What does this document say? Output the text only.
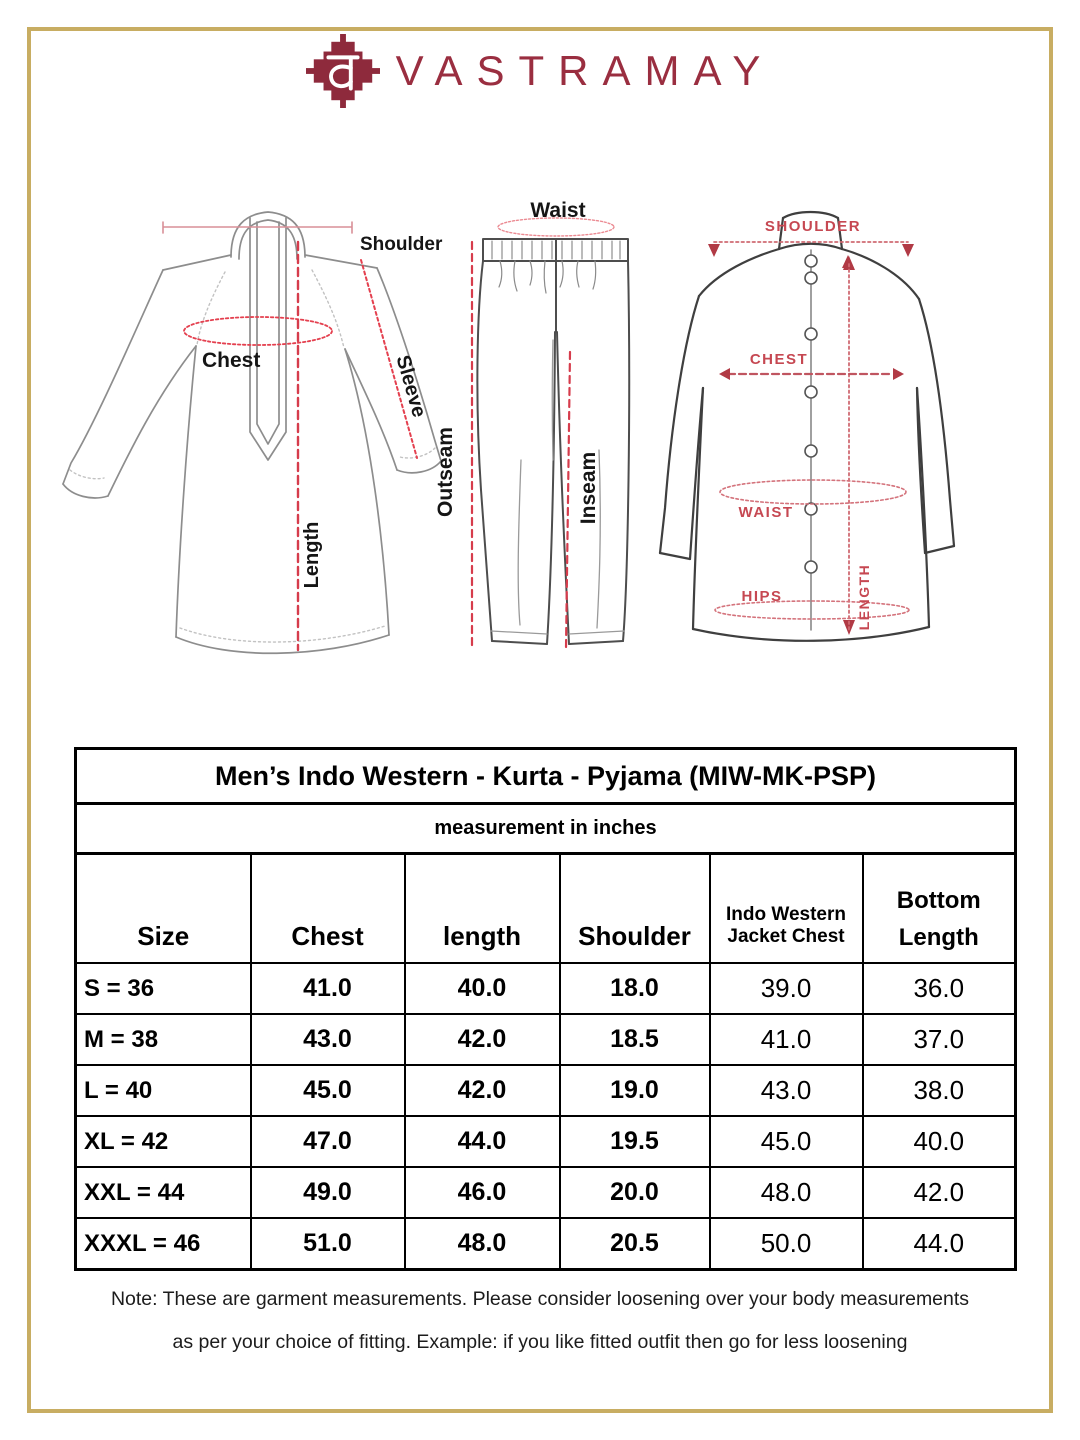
VASTRAMAY
Shoulder
Chest	Sleeve
Length
Waist
Outseam	Inseam
SHOULDER
CHEST
WAIST
HIPS	LENGTH
Men’s Indo Western - Kurta - Pyjama (MIW-MK-PSP)					
measurement in inches					
Size	Chest	length	Shoulder	Indo Western Jacket Chest	Bottom Length
S = 36	41.0	40.0	18.0	39.0	36.0
M = 38	43.0	42.0	18.5	41.0	37.0
L = 40	45.0	42.0	19.0	43.0	38.0
XL = 42	47.0	44.0	19.5	45.0	40.0
XXL = 44	49.0	46.0	20.0	48.0	42.0
XXXL = 46	51.0	48.0	20.5	50.0	44.0
Note: These are garment measurements. Please consider loosening over your body measurements
as per your choice of fitting. Example: if you like fitted outfit then go for less loosening
